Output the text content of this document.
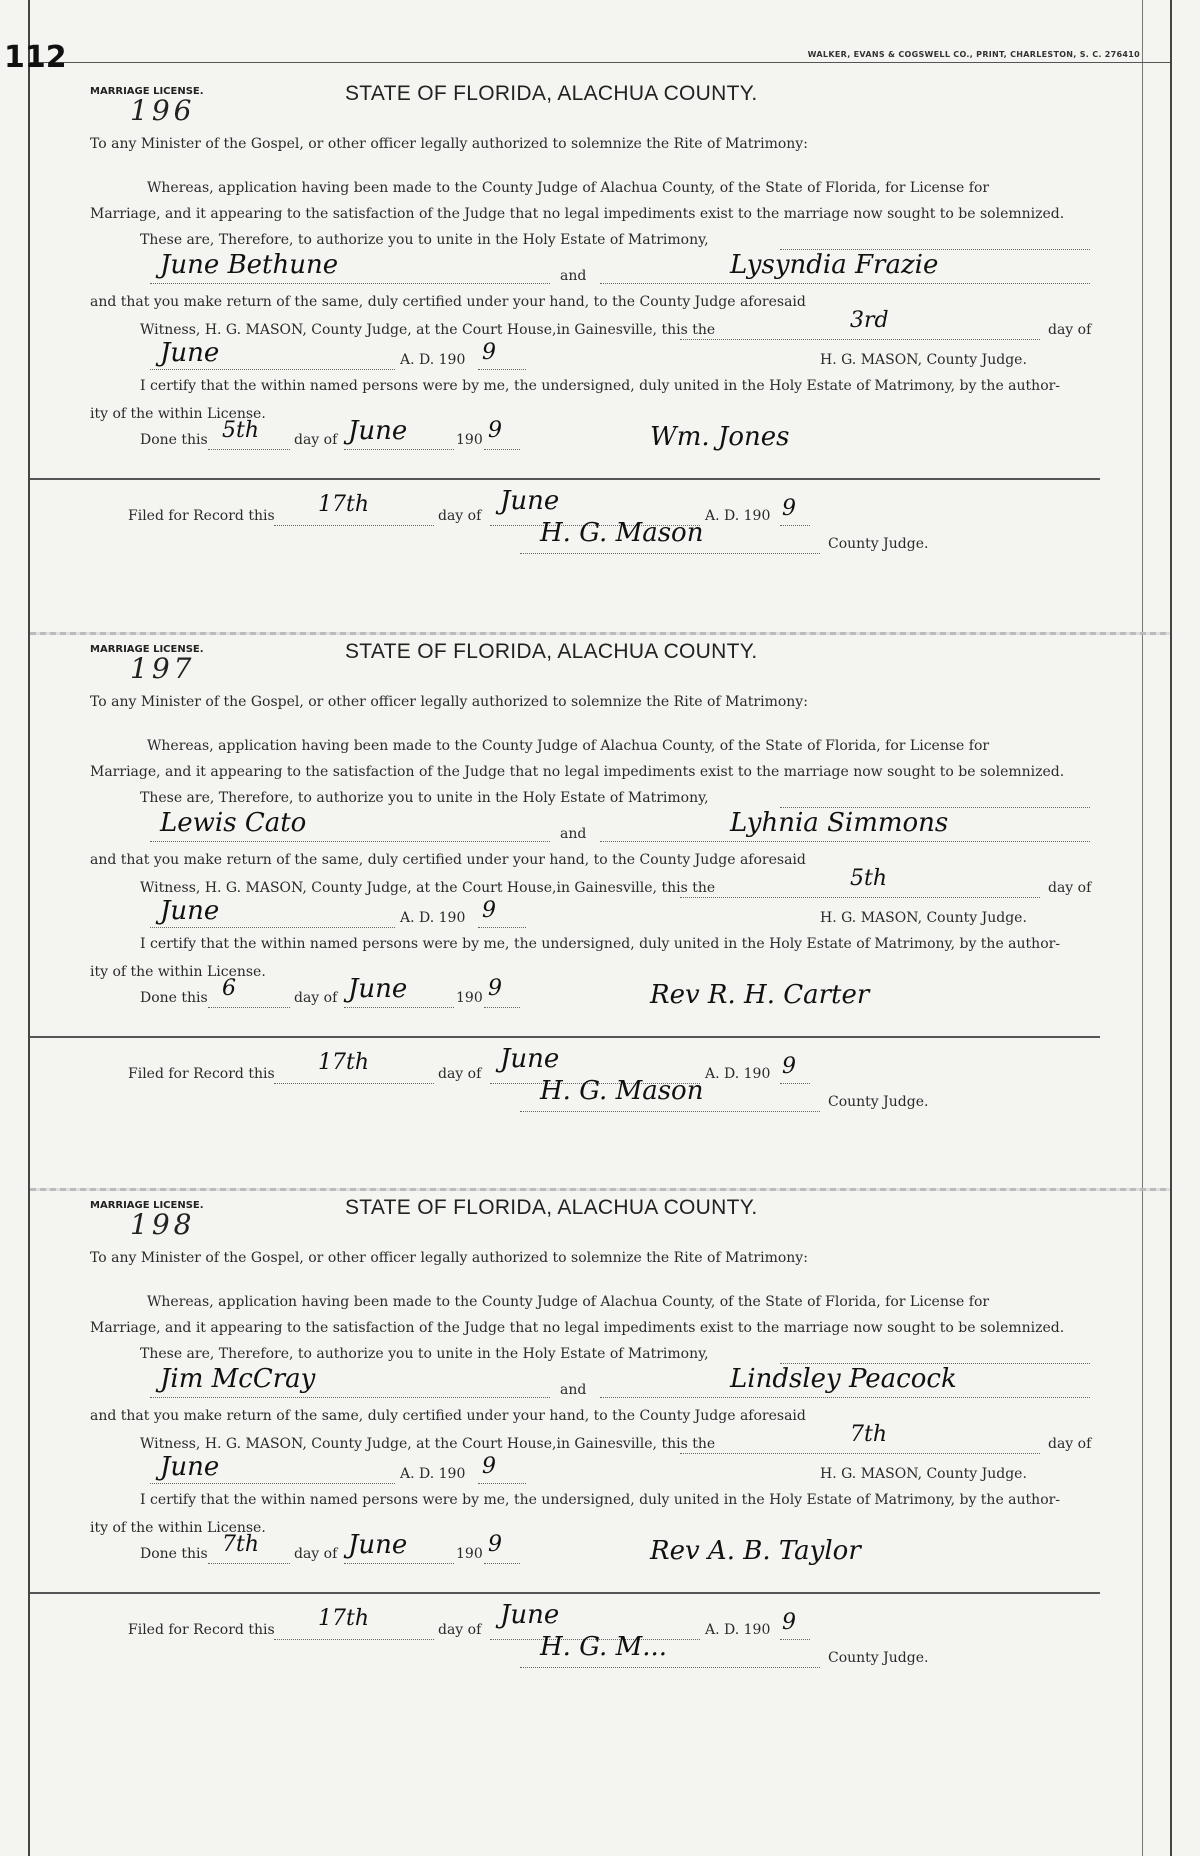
112	WALKER, EVANS & COGSWELL CO., PRINT, CHARLESTON, S. C. 276410
MARRIAGE LICENSE.
196
STATE OF FLORIDA, ALACHUA COUNTY.
To any Minister of the Gospel, or other officer legally authorized to solemnize the Rite of Matrimony:
Whereas, application having been made to the County Judge of Alachua County, of the State of Florida, for License for
Marriage, and it appearing to the satisfaction of the Judge that no legal impediments exist to the marriage now sought to be solemnized.
These are, Therefore, to authorize you to unite in the Holy Estate of Matrimony,
June Bethune	and	Lysyndia Frazie
and that you make return of the same, duly certified under your hand, to the County Judge aforesaid
Witness, H. G. MASON, County Judge, at the Court House,in Gainesville, this the	3rd	day of
June	A. D. 190 9	H. G. MASON, County Judge.
I certify that the within named persons were by me, the undersigned, duly united in the Holy Estate of Matrimony, by the author-
ity of the within License.
Done this 5th day of June	190 9	Wm. Jones
Filed for Record this 17th	day of June	A. D. 190 9
H. G. Mason	County Judge.
MARRIAGE LICENSE.
197
STATE OF FLORIDA, ALACHUA COUNTY.
To any Minister of the Gospel, or other officer legally authorized to solemnize the Rite of Matrimony:
Whereas, application having been made to the County Judge of Alachua County, of the State of Florida, for License for
Marriage, and it appearing to the satisfaction of the Judge that no legal impediments exist to the marriage now sought to be solemnized.
These are, Therefore, to authorize you to unite in the Holy Estate of Matrimony,
Lewis Cato	and	Lyhnia Simmons
and that you make return of the same, duly certified under your hand, to the County Judge aforesaid
Witness, H. G. MASON, County Judge, at the Court House,in Gainesville, this the	5th	day of
June	A. D. 190 9	H. G. MASON, County Judge.
I certify that the within named persons were by me, the undersigned, duly united in the Holy Estate of Matrimony, by the author-
ity of the within License.
Done this 6	day of June	190 9	Rev R. H. Carter
Filed for Record this 17th	day of June	A. D. 190 9
H. G. Mason	County Judge.
MARRIAGE LICENSE.
198
STATE OF FLORIDA, ALACHUA COUNTY.
To any Minister of the Gospel, or other officer legally authorized to solemnize the Rite of Matrimony:
Whereas, application having been made to the County Judge of Alachua County, of the State of Florida, for License for
Marriage, and it appearing to the satisfaction of the Judge that no legal impediments exist to the marriage now sought to be solemnized.
These are, Therefore, to authorize you to unite in the Holy Estate of Matrimony,
Jim McCray	and	Lindsley Peacock
and that you make return of the same, duly certified under your hand, to the County Judge aforesaid
Witness, H. G. MASON, County Judge, at the Court House,in Gainesville, this the	7th	day of
June	A. D. 190 9	H. G. MASON, County Judge.
I certify that the within named persons were by me, the undersigned, duly united in the Holy Estate of Matrimony, by the author-
ity of the within License.
Done this 7th day of June	190 9	Rev A. B. Taylor
Filed for Record this 17th	day of June	A. D. 190 9
H. G. M...	County Judge.
